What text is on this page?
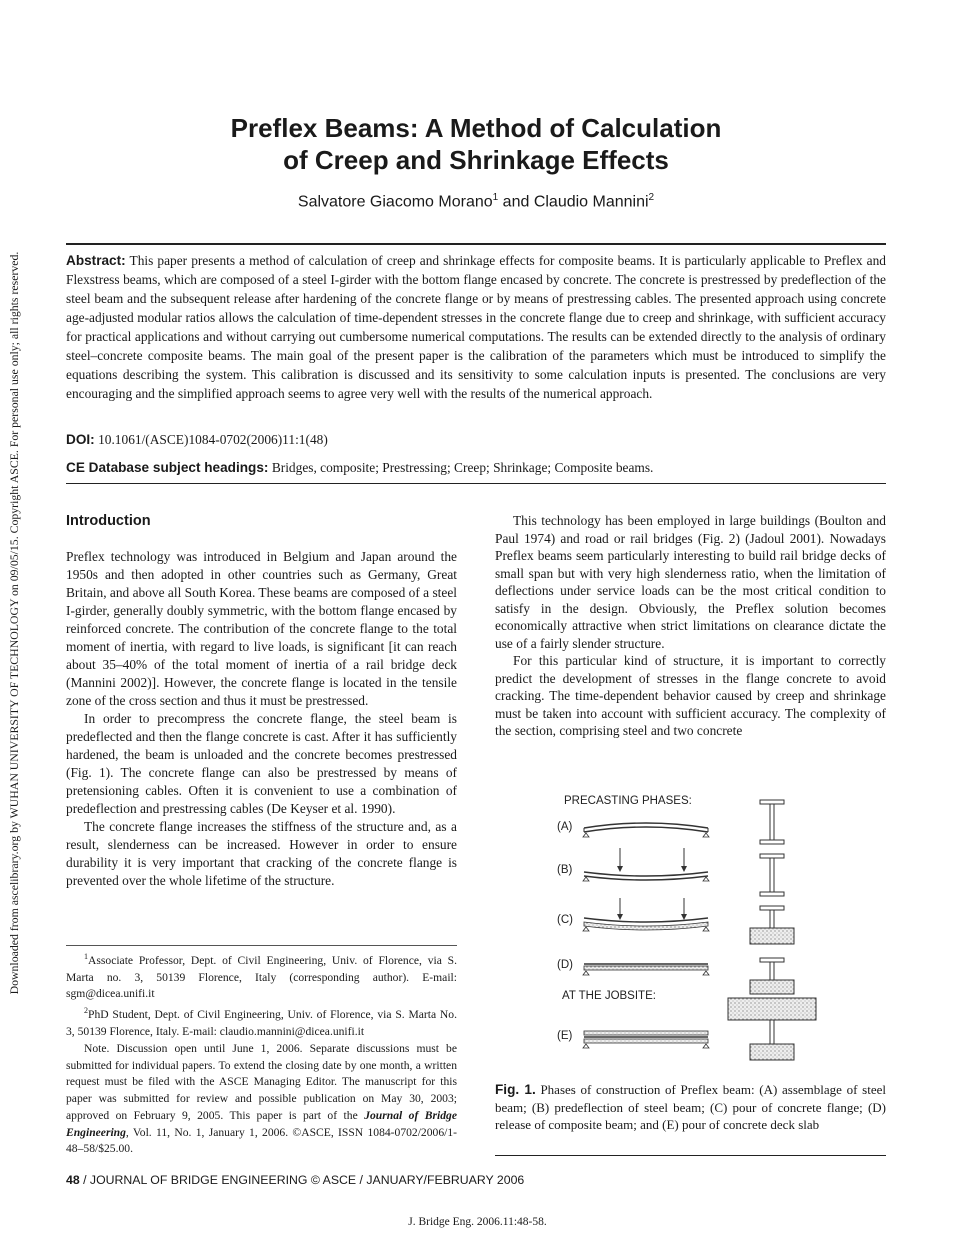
Downloaded from ascelibrary.org by WUHAN UNIVERSITY OF TECHNOLOGY on 09/05/15. Copyright ASCE. For personal use only; all rights reserved.
Preflex Beams: A Method of Calculation
of Creep and Shrinkage Effects
Salvatore Giacomo Morano$^1$ and Claudio Mannini$^2$
Abstract: This paper presents a method of calculation of creep and shrinkage effects for composite beams. It is particularly applicable to Preflex and Flexstress beams, which are composed of a steel I-girder with the bottom flange encased by concrete. The concrete is prestressed by predeflection of the steel beam and the subsequent release after hardening of the concrete flange or by means of prestressing cables. The presented approach using concrete age-adjusted modular ratios allows the calculation of time-dependent stresses in the concrete flange due to creep and shrinkage, with sufficient accuracy for practical applications and without carrying out cumbersome numerical computations. The results can be extended directly to the analysis of ordinary steel–concrete composite beams. The main goal of the present paper is the calibration of the parameters which must be introduced to simplify the equations describing the system. This calibration is discussed and its sensitivity to some calculation inputs is presented. The conclusions are very encouraging and the simplified approach seems to agree very well with the results of the numerical approach.
DOI: 10.1061/(ASCE)1084-0702(2006)11:1(48)
CE Database subject headings: Bridges, composite; Prestressing; Creep; Shrinkage; Composite beams.
Introduction

Preflex technology was introduced in Belgium and Japan around the 1950s and then adopted in other countries such as Germany, Great Britain, and above all South Korea. These beams are composed of a steel I-girder, generally doubly symmetric, with the bottom flange encased by reinforced concrete. The contribution of the concrete flange to the total moment of inertia, with regard to live loads, is significant [it can reach about 35–40% of the total moment of inertia of a rail bridge deck (Mannini 2002)]. However, the concrete flange is located in the tensile zone of the cross section and thus it must be prestressed.

In order to precompress the concrete flange, the steel beam is predeflected and then the flange concrete is cast. After it has sufficiently hardened, the beam is unloaded and the concrete becomes prestressed (Fig. 1). The concrete flange can also be prestressed by means of pretensioning cables. Often it is convenient to use a combination of predeflection and prestressing cables (De Keyser et al. 1990).

The concrete flange increases the stiffness of the structure and, as a result, slenderness can be increased. However in order to ensure durability it is very important that cracking of the concrete flange is prevented over the whole lifetime of the structure.

$^1$Associate Professor, Dept. of Civil Engineering, Univ. of Florence, via S. Marta no. 3, 50139 Florence, Italy (corresponding author). E-mail: sgm@dicea.unifi.it

$^2$PhD Student, Dept. of Civil Engineering, Univ. of Florence, via S. Marta No. 3, 50139 Florence, Italy. E-mail: claudio.mannini@dicea.unifi.it

Note. Discussion open until June 1, 2006. Separate discussions must be submitted for individual papers. To extend the closing date by one month, a written request must be filed with the ASCE Managing Editor. The manuscript for this paper was submitted for review and possible publication on May 30, 2003; approved on February 9, 2005. This paper is part of the Journal of Bridge Engineering, Vol. 11, No. 1, January 1, 2006. ©ASCE, ISSN 1084-0702/2006/1-48–58/$25.00.

This technology has been employed in large buildings (Boulton and Paul 1974) and road or rail bridges (Fig. 2) (Jadoul 2001). Nowadays Preflex beams seem particularly interesting to build rail bridge decks of small span but with very high slenderness ratio, when the limitation of deflections under service loads can be the most critical condition to satisfy in the design. Obviously, the Preflex solution becomes economically attractive when strict limitations on clearance dictate the use of a fairly slender structure.

For this particular kind of structure, it is important to correctly predict the development of stresses in the flange concrete to avoid cracking. The time-dependent behavior caused by creep and shrinkage must be taken into account with sufficient accuracy. The complexity of the section, comprising steel and two concrete

PRECASTING PHASES:
AT THE JOBSITE:
(A)
(B)
(C)
(D)
(E)
Fig. 1. Phases of construction of Preflex beam: (A) assemblage of steel beam; (B) predeflection of steel beam; (C) pour of concrete flange; (D) release of composite beam; and (E) pour of concrete deck slab
48 / JOURNAL OF BRIDGE ENGINEERING © ASCE / JANUARY/FEBRUARY 2006
J. Bridge Eng. 2006.11:48-58.
